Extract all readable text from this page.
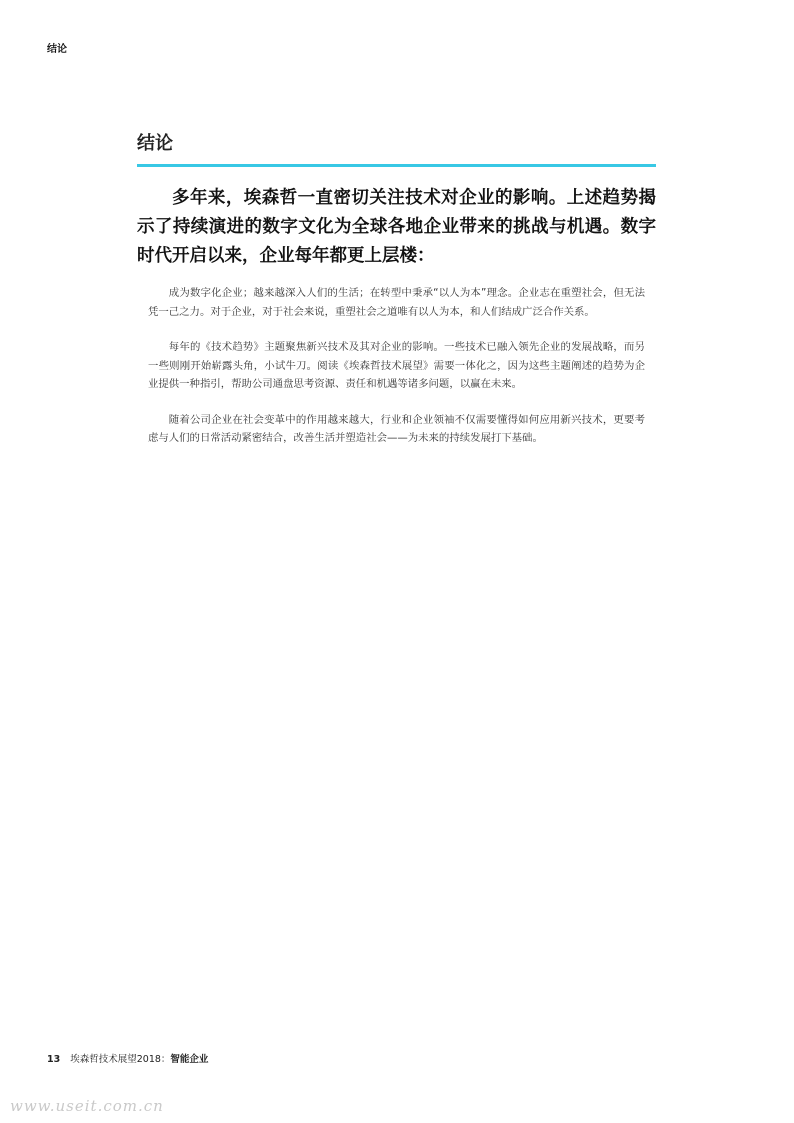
结论
结论

多年来，埃森哲一直密切关注技术对企业的影响。上述趋势揭示了持续演进的数字文化为全球各地企业带来的挑战与机遇。数字时代开启以来，企业每年都更上层楼：

成为数字化企业；越来越深入人们的生活；在转型中秉承“以人为本”理念。企业志在重塑社会，但无法凭一己之力。对于企业，对于社会来说，重塑社会之道唯有以人为本，和人们结成广泛合作关系。

每年的《技术趋势》主题聚焦新兴技术及其对企业的影响。一些技术已融入领先企业的发展战略，而另一些则刚开始崭露头角，小试牛刀。阅读《埃森哲技术展望》需要一体化之，因为这些主题阐述的趋势为企业提供一种指引，帮助公司通盘思考资源、责任和机遇等诸多问题，以赢在未来。

随着公司企业在社会变革中的作用越来越大，行业和企业领袖不仅需要懂得如何应用新兴技术，更要考虑与人们的日常活动紧密结合，改善生活并塑造社会——为未来的持续发展打下基础。

13 埃森哲技术展望2018：智能企业
www.useit.com.cn
